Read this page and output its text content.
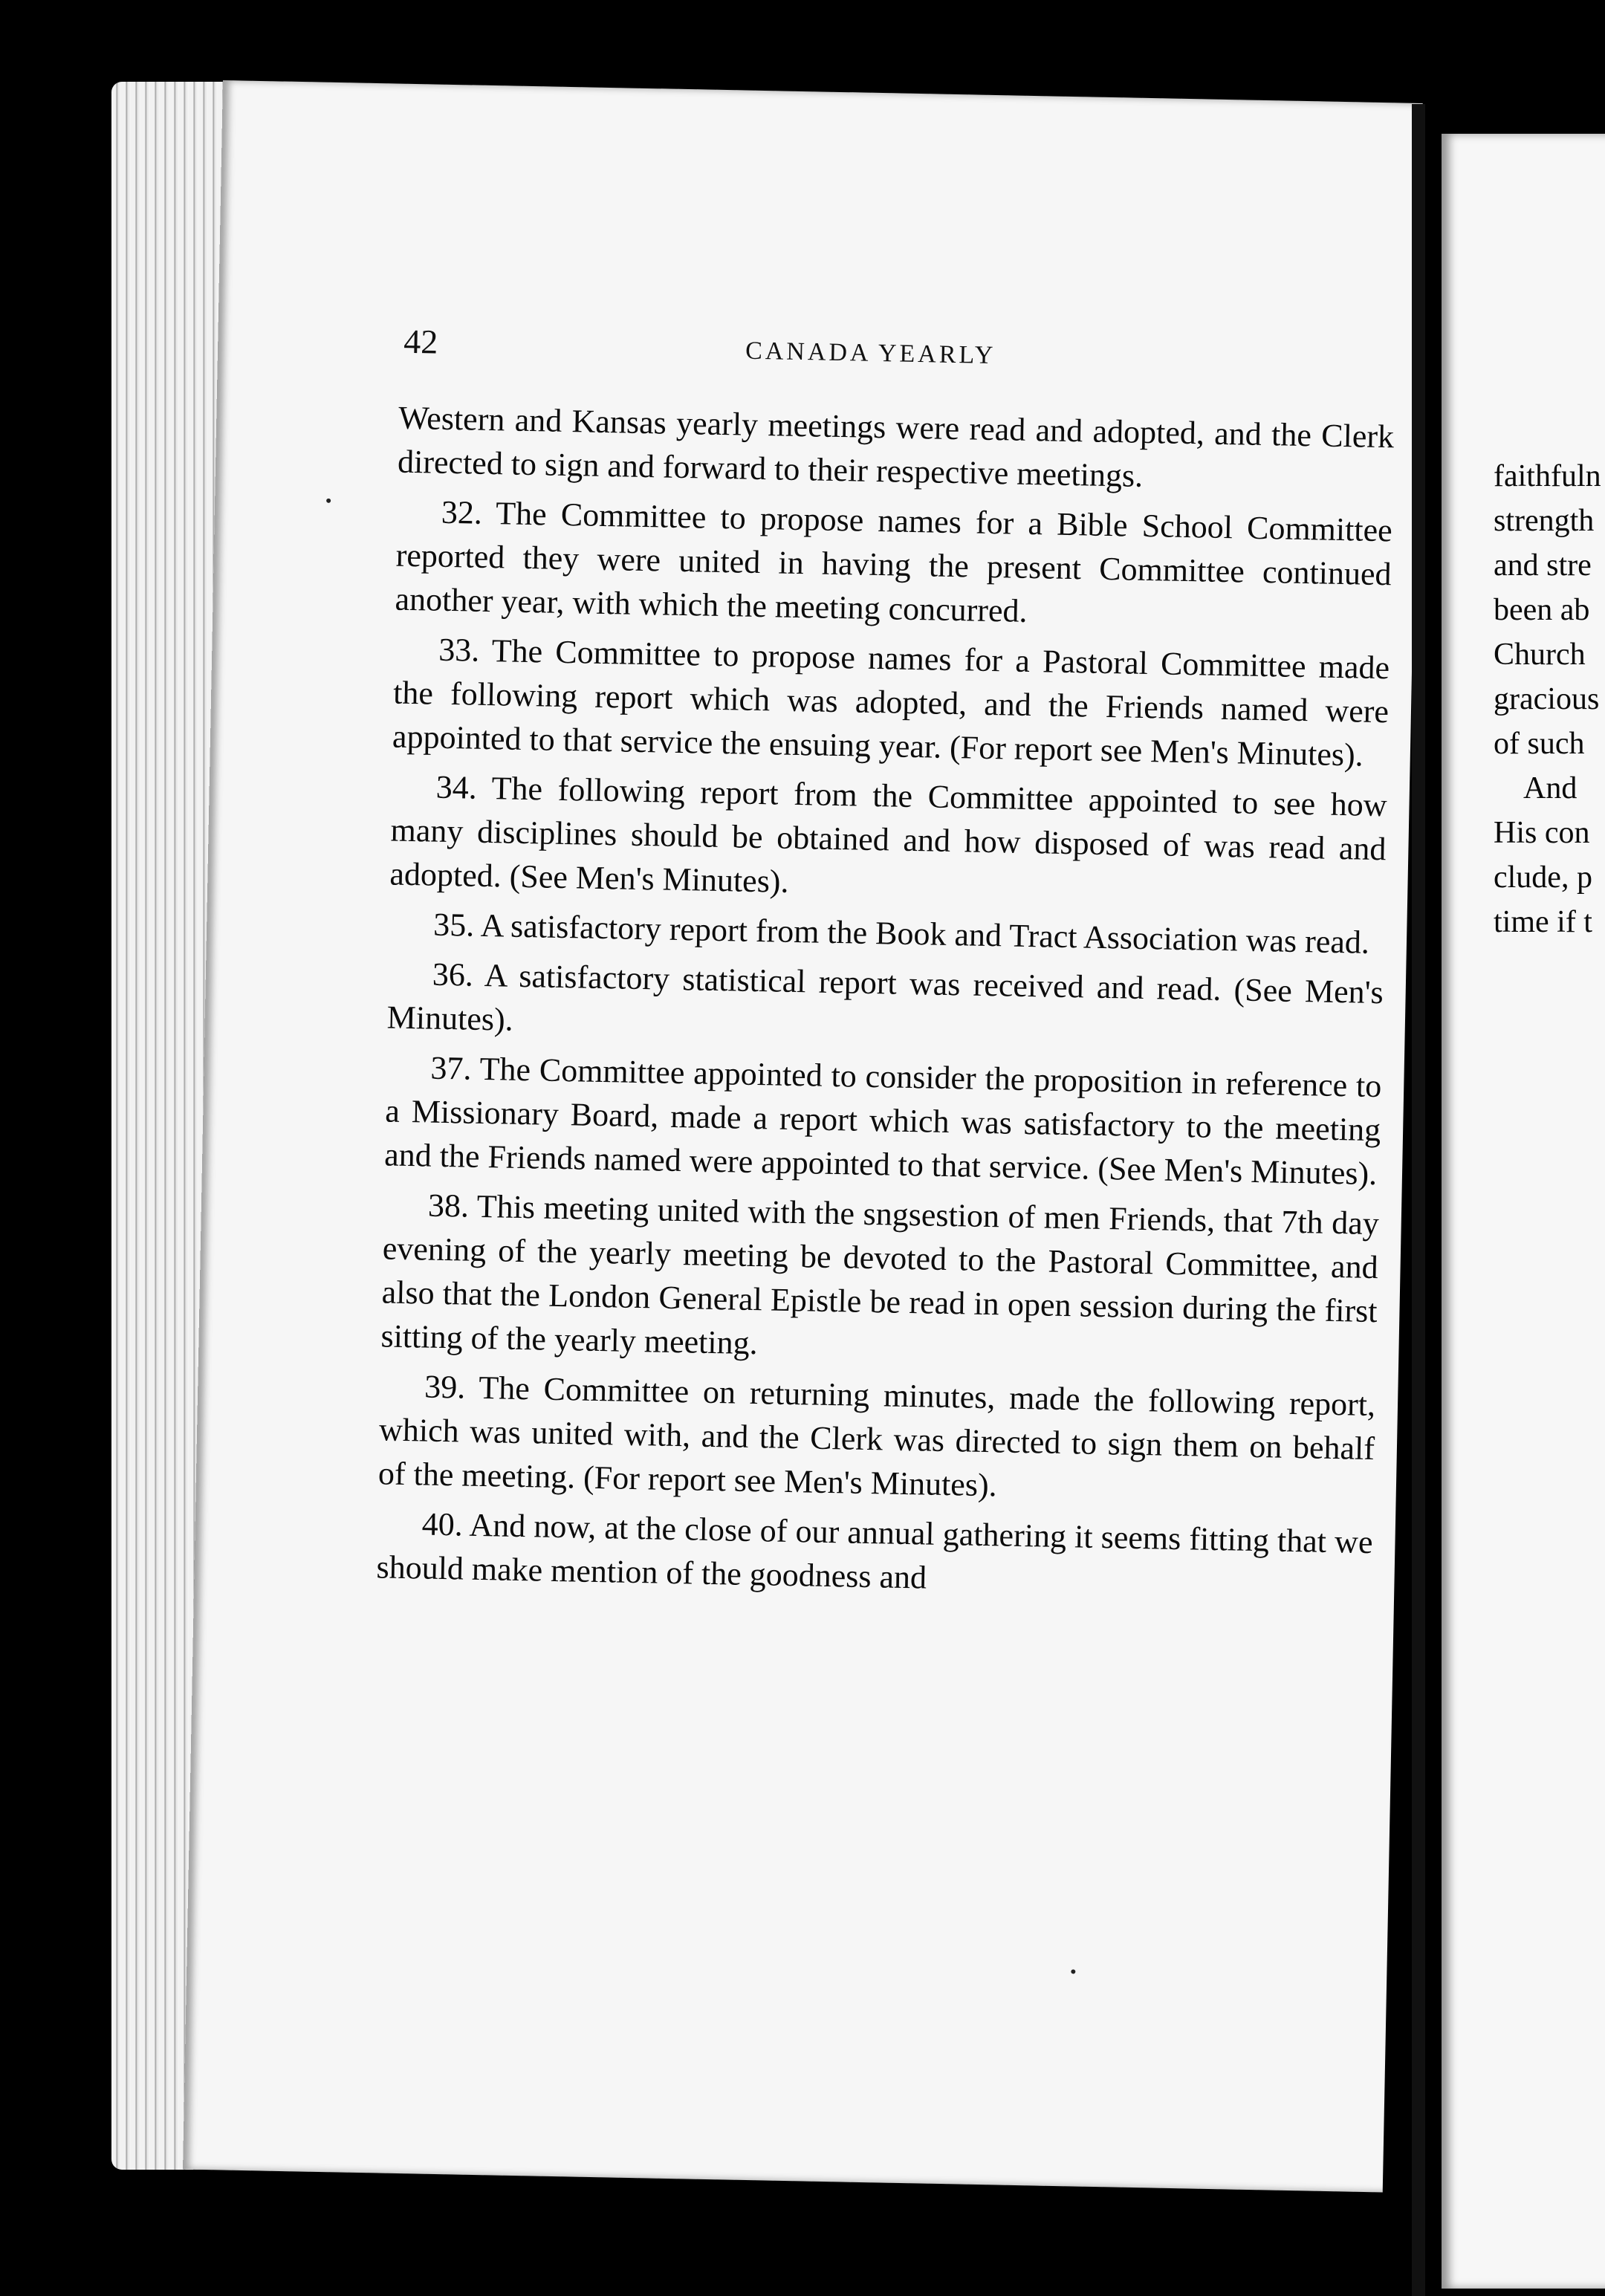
42	CANADA YEARLY

Western and Kansas yearly meetings were read and adopted, and the Clerk directed to sign and forward to their respective meetings.

32. The Committee to propose names for a Bible School Committee reported they were united in having the present Committee continued another year, with which the meeting concurred.

33. The Committee to propose names for a Pastoral Committee made the following report which was adopted, and the Friends named were appointed to that service the ensuing year. (For report see Men's Minutes).

34. The following report from the Committee appointed to see how many disciplines should be obtained and how disposed of was read and adopted. (See Men's Minutes).

35. A satisfactory report from the Book and Tract Association was read.

36. A satisfactory statistical report was received and read. (See Men's Minutes).

37. The Committee appointed to consider the proposition in reference to a Missionary Board, made a report which was satisfactory to the meeting and the Friends named were appointed to that service. (See Men's Minutes).

38. This meeting united with the sngsestion of men Friends, that 7th day evening of the yearly meeting be devoted to the Pastoral Committee, and also that the London General Epistle be read in open session during the first sitting of the yearly meeting.

39. The Committee on returning minutes, made the following report, which was united with, and the Clerk was directed to sign them on behalf of the meeting. (For report see Men's Minutes).

40. And now, at the close of our annual gathering it seems fitting that we should make mention of the goodness and

faithfuln
strength
and stre
been ab
Church
gracious
of such
And
His con
clude, p
time if t
